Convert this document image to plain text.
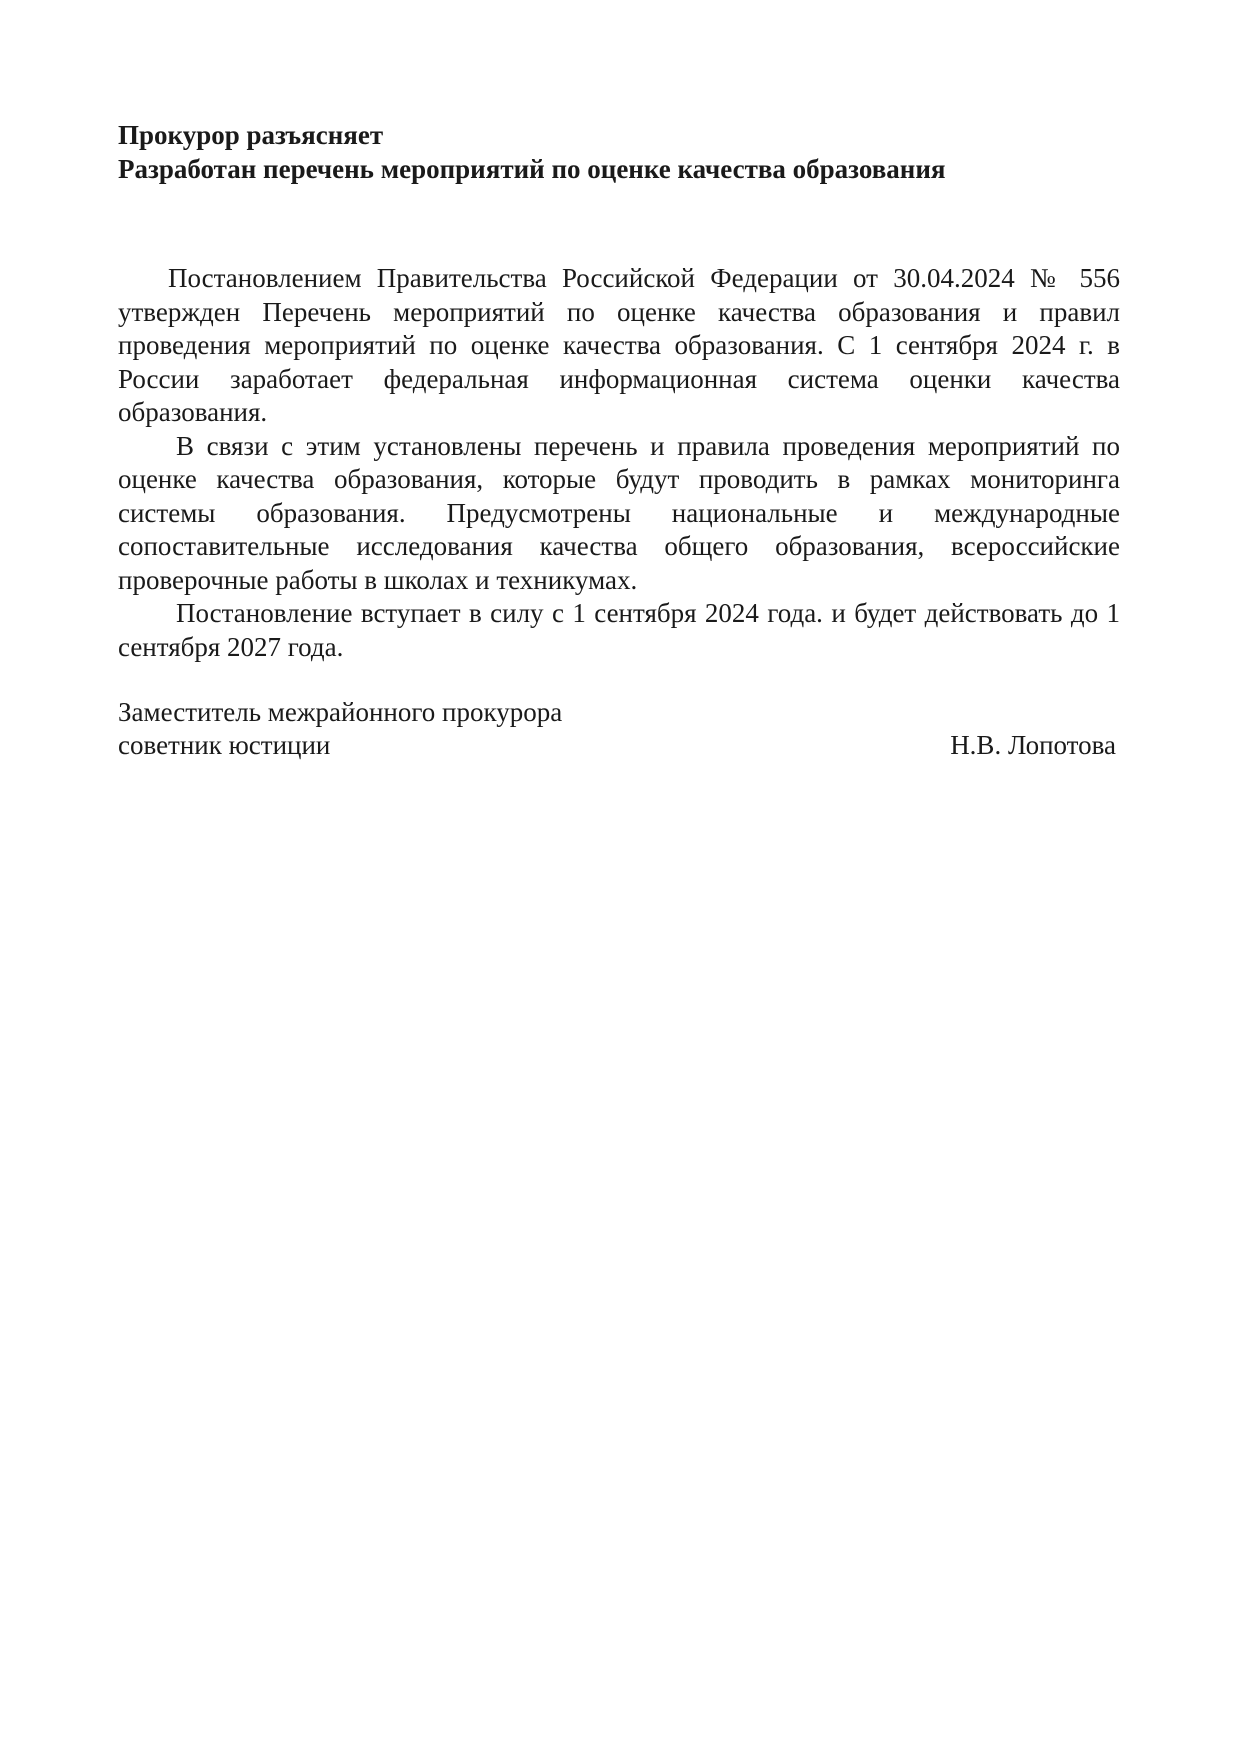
Прокурор разъясняет

Разработан перечень мероприятий по оценке качества образования

Постановлением Правительства Российской Федерации от 30.04.2024 № 556 утвержден Перечень мероприятий по оценке качества образования и правил проведения мероприятий по оценке качества образования. С 1 сентября 2024 г. в России заработает федеральная информационная система оценки качества образования.

В связи с этим установлены перечень и правила проведения мероприятий по оценке качества образования, которые будут проводить в рамках мониторинга системы образования. Предусмотрены национальные и международные сопоставительные исследования качества общего образования, всероссийские проверочные работы в школах и техникумах.

Постановление вступает в силу с 1 сентября 2024 года. и будет действовать до 1 сентября 2027 года.

Заместитель межрайонного прокурора
советник юстиции	Н.В. Лопотова
